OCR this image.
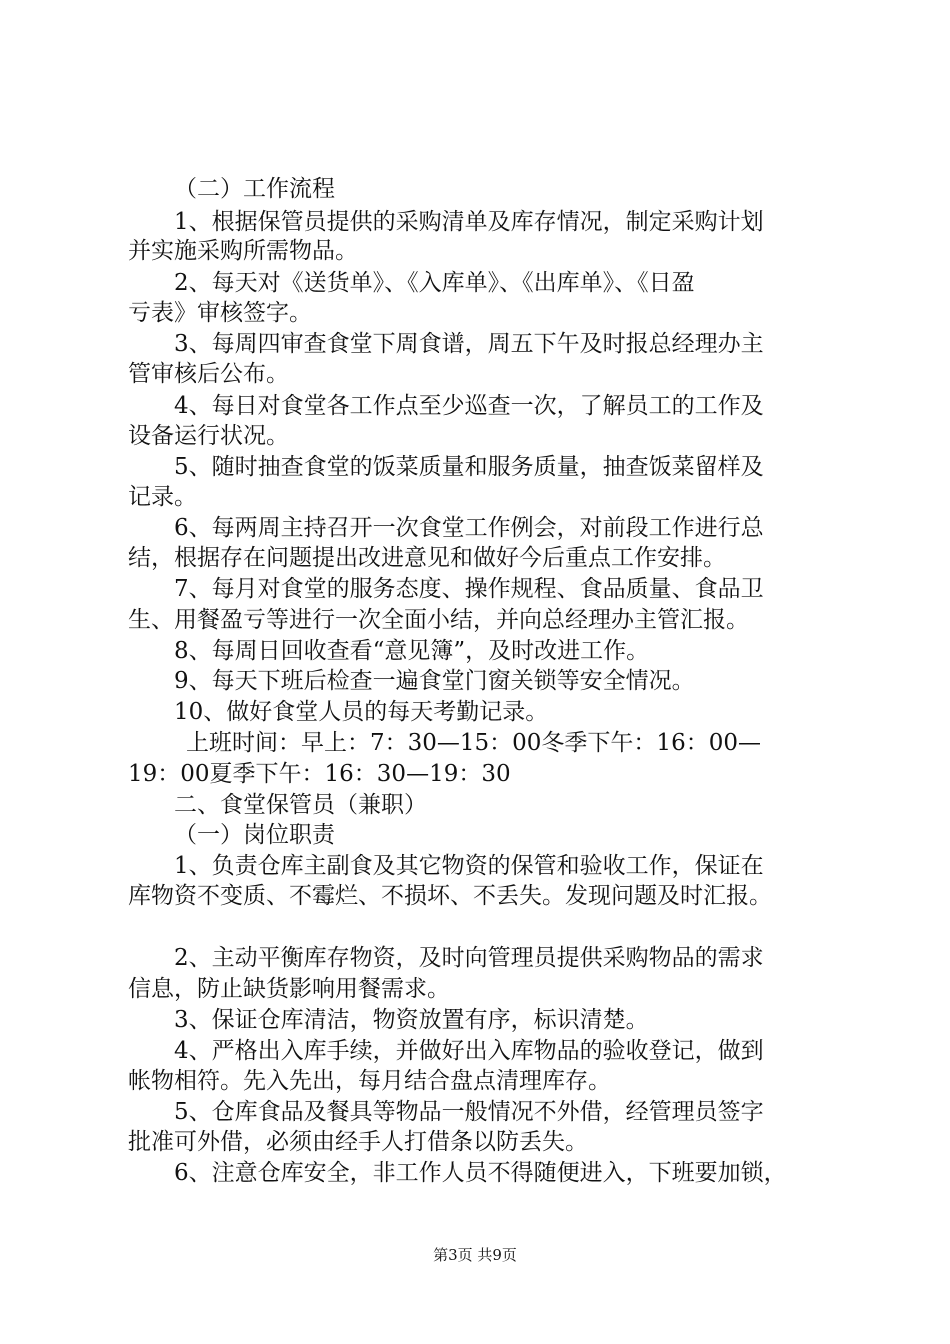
（二）工作流程
1、根据保管员提供的采购清单及库存情况，制定采购计划
并实施采购所需物品。
2、每天对《送货单》、《入库单》、《出库单》、《日盈
亏表》审核签字。
3、每周四审查食堂下周食谱，周五下午及时报总经理办主
管审核后公布。
4、每日对食堂各工作点至少巡查一次，了解员工的工作及
设备运行状况。
5、随时抽查食堂的饭菜质量和服务质量，抽查饭菜留样及
记录。
6、每两周主持召开一次食堂工作例会，对前段工作进行总
结，根据存在问题提出改进意见和做好今后重点工作安排。
7、每月对食堂的服务态度、操作规程、食品质量、食品卫
生、用餐盈亏等进行一次全面小结，并向总经理办主管汇报。
8、每周日回收查看“意见簿”，及时改进工作。
9、每天下班后检查一遍食堂门窗关锁等安全情况。
10、做好食堂人员的每天考勤记录。
上班时间：早上：7：30—15：00冬季下午：16：00—
19：00夏季下午：16：30—19：30
二、食堂保管员（兼职）
（一）岗位职责
1、负责仓库主副食及其它物资的保管和验收工作，保证在
库物资不变质、不霉烂、不损坏、不丢失。发现问题及时汇报。
2、主动平衡库存物资，及时向管理员提供采购物品的需求
信息，防止缺货影响用餐需求。
3、保证仓库清洁，物资放置有序，标识清楚。
4、严格出入库手续，并做好出入库物品的验收登记，做到
帐物相符。先入先出，每月结合盘点清理库存。
5、仓库食品及餐具等物品一般情况不外借，经管理员签字
批准可外借，必须由经手人打借条以防丢失。
6、注意仓库安全，非工作人员不得随便进入，下班要加锁，
第3页 共9页
